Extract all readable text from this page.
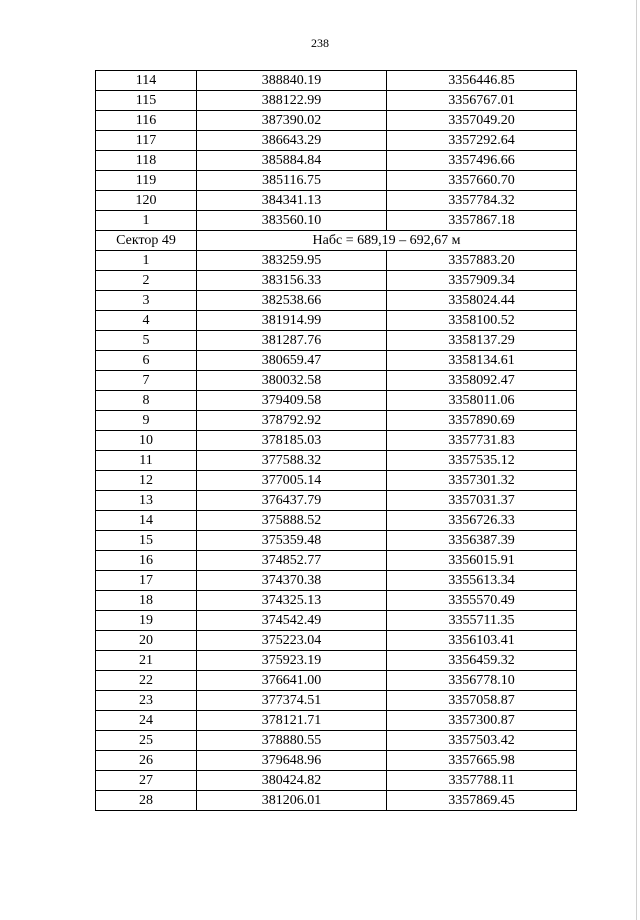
238
114	388840.19	3356446.85
115	388122.99	3356767.01
116	387390.02	3357049.20
117	386643.29	3357292.64
118	385884.84	3357496.66
119	385116.75	3357660.70
120	384341.13	3357784.32
1	383560.10	3357867.18
Сектор 49	Набс = 689,19 – 692,67 м	
1	383259.95	3357883.20
2	383156.33	3357909.34
3	382538.66	3358024.44
4	381914.99	3358100.52
5	381287.76	3358137.29
6	380659.47	3358134.61
7	380032.58	3358092.47
8	379409.58	3358011.06
9	378792.92	3357890.69
10	378185.03	3357731.83
11	377588.32	3357535.12
12	377005.14	3357301.32
13	376437.79	3357031.37
14	375888.52	3356726.33
15	375359.48	3356387.39
16	374852.77	3356015.91
17	374370.38	3355613.34
18	374325.13	3355570.49
19	374542.49	3355711.35
20	375223.04	3356103.41
21	375923.19	3356459.32
22	376641.00	3356778.10
23	377374.51	3357058.87
24	378121.71	3357300.87
25	378880.55	3357503.42
26	379648.96	3357665.98
27	380424.82	3357788.11
28	381206.01	3357869.45
